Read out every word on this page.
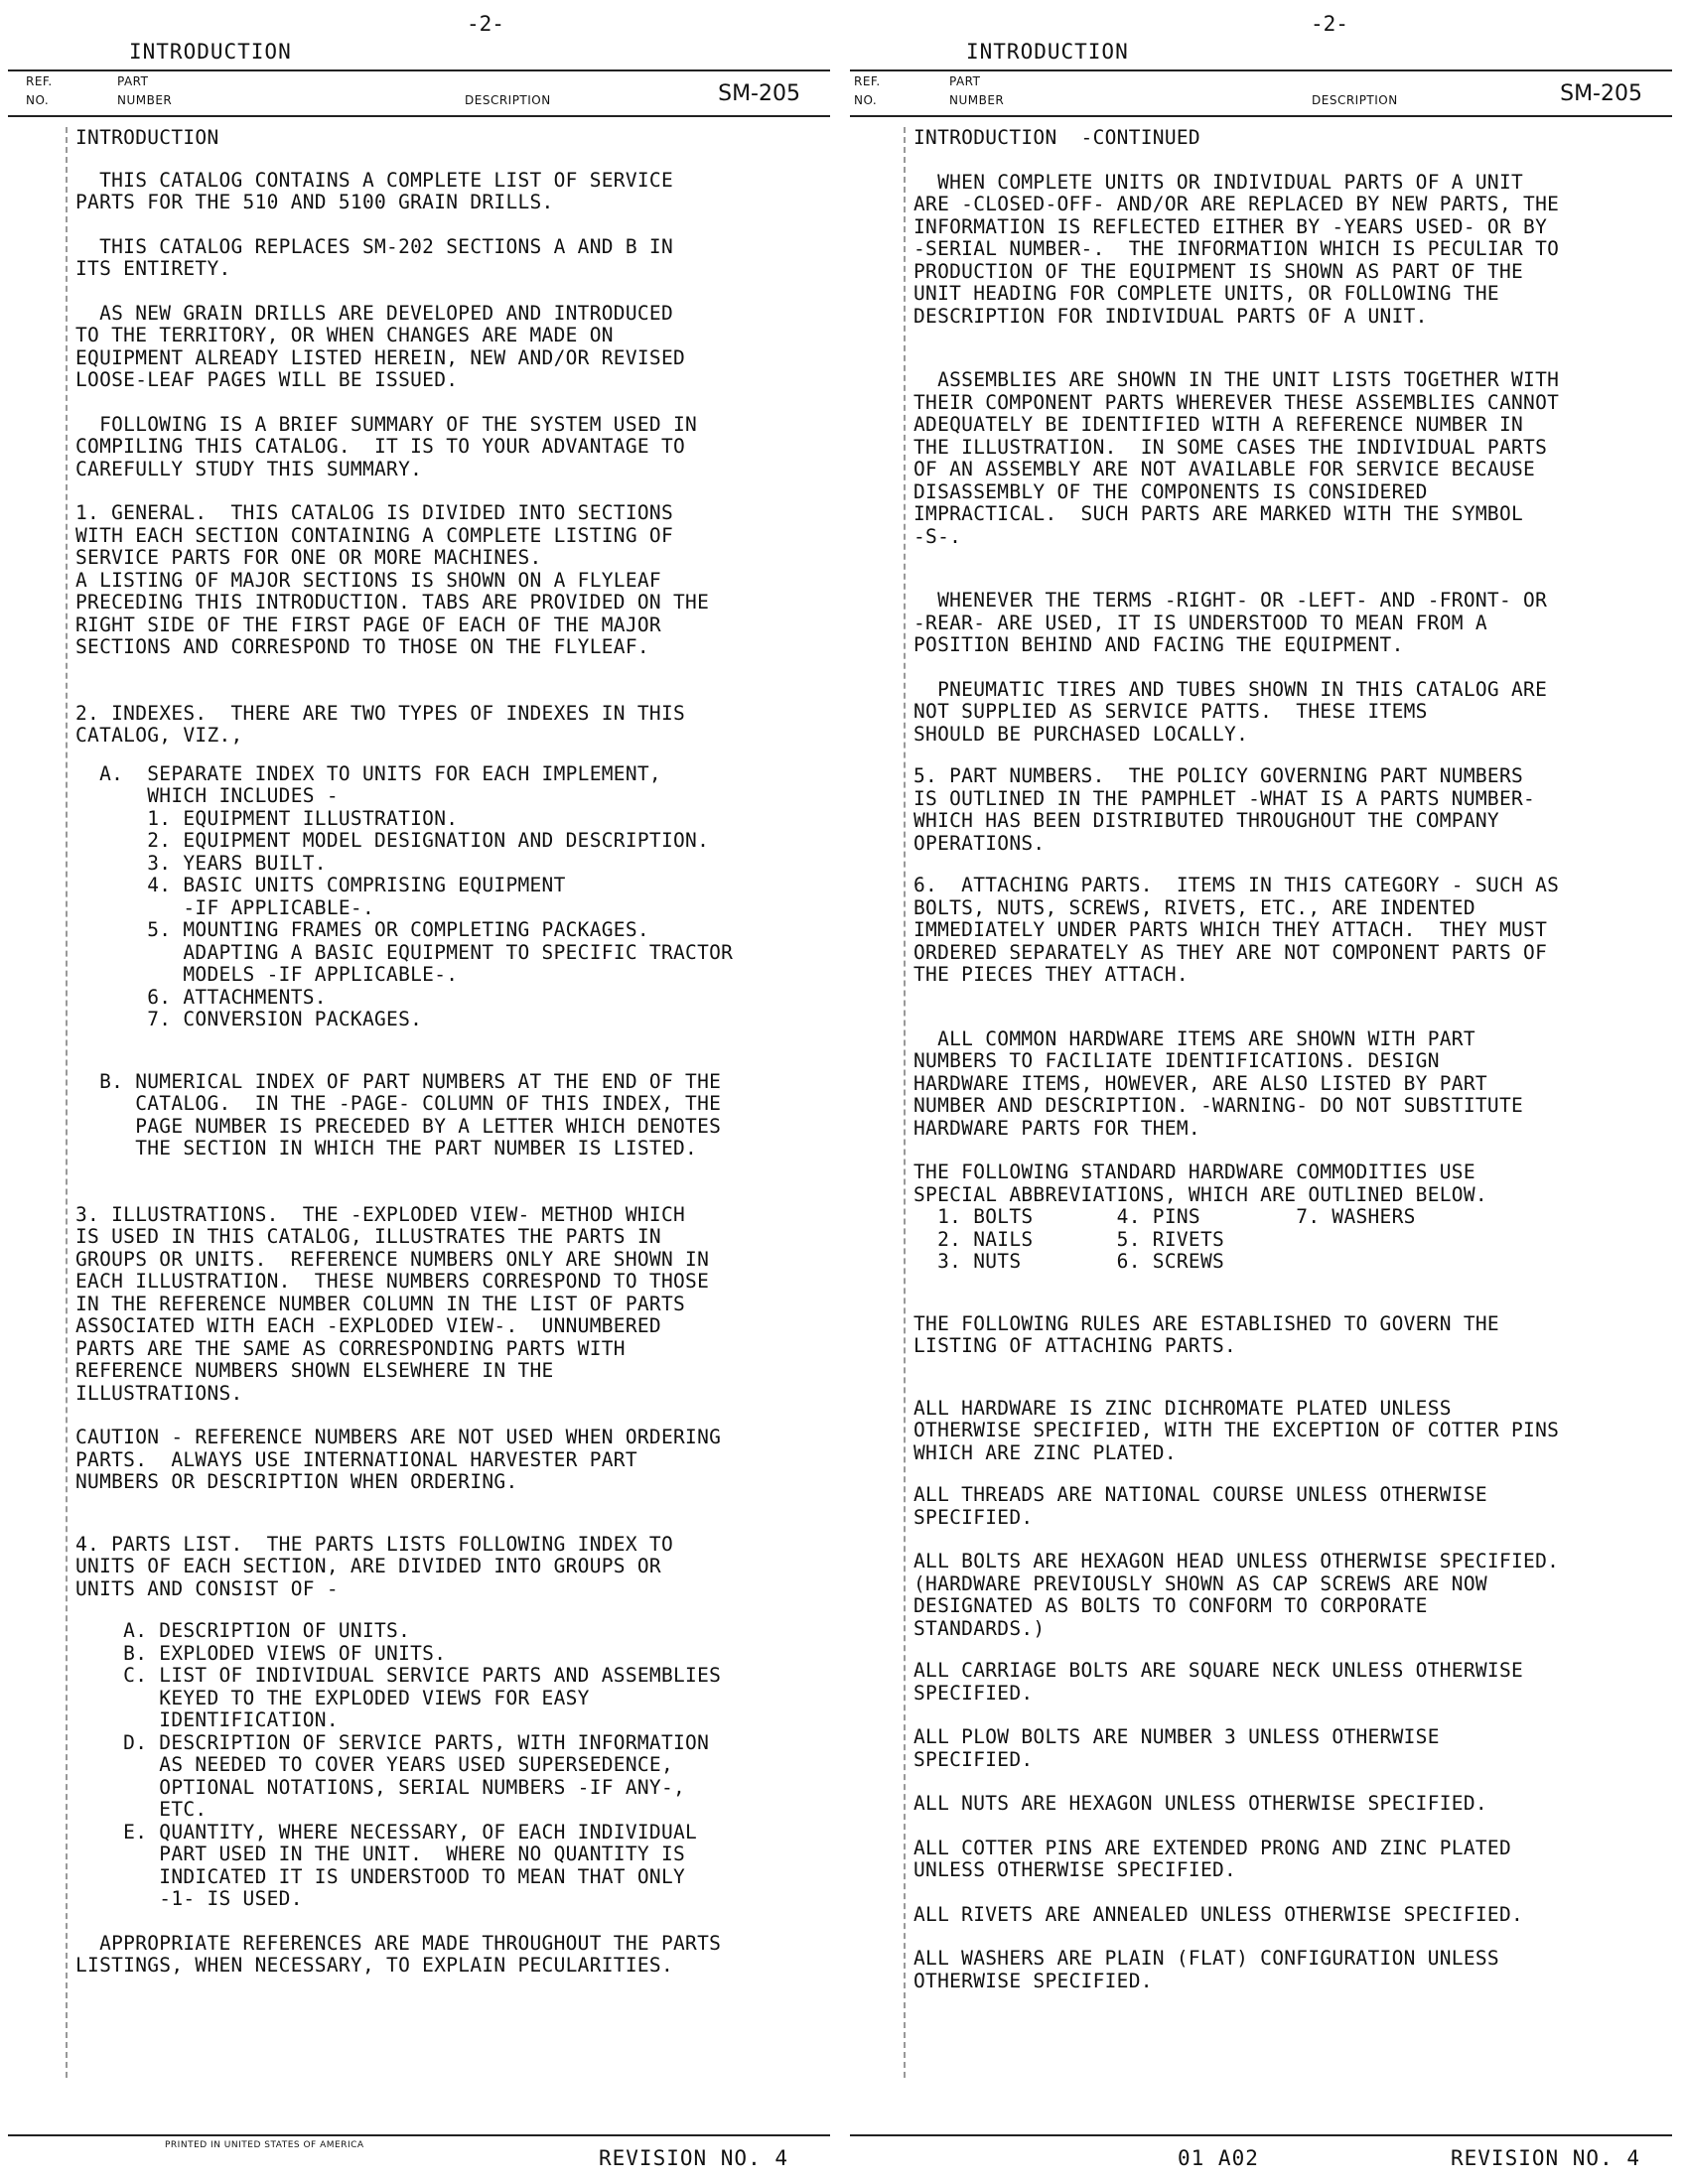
-2-
INTRODUCTION
REF.
NO.
PART
NUMBER	DESCRIPTION	SM-205

INTRODUCTION

THIS CATALOG CONTAINS A COMPLETE LIST OF SERVICE
PARTS FOR THE 510 AND 5100 GRAIN DRILLS.

THIS CATALOG REPLACES SM-202 SECTIONS A AND B IN
ITS ENTIRETY.

AS NEW GRAIN DRILLS ARE DEVELOPED AND INTRODUCED
TO THE TERRITORY, OR WHEN CHANGES ARE MADE ON
EQUIPMENT ALREADY LISTED HEREIN, NEW AND/OR REVISED
LOOSE-LEAF PAGES WILL BE ISSUED.

FOLLOWING IS A BRIEF SUMMARY OF THE SYSTEM USED IN
COMPILING THIS CATALOG.  IT IS TO YOUR ADVANTAGE TO
CAREFULLY STUDY THIS SUMMARY.

1. GENERAL.  THIS CATALOG IS DIVIDED INTO SECTIONS
WITH EACH SECTION CONTAINING A COMPLETE LISTING OF
SERVICE PARTS FOR ONE OR MORE MACHINES.
A LISTING OF MAJOR SECTIONS IS SHOWN ON A FLYLEAF
PRECEDING THIS INTRODUCTION. TABS ARE PROVIDED ON THE
RIGHT SIDE OF THE FIRST PAGE OF EACH OF THE MAJOR
SECTIONS AND CORRESPOND TO THOSE ON THE FLYLEAF.

2. INDEXES.  THERE ARE TWO TYPES OF INDEXES IN THIS
CATALOG, VIZ.,

A.  SEPARATE INDEX TO UNITS FOR EACH IMPLEMENT,
WHICH INCLUDES -
1. EQUIPMENT ILLUSTRATION.
2. EQUIPMENT MODEL DESIGNATION AND DESCRIPTION.
3. YEARS BUILT.
4. BASIC UNITS COMPRISING EQUIPMENT
-IF APPLICABLE-.
5. MOUNTING FRAMES OR COMPLETING PACKAGES.
ADAPTING A BASIC EQUIPMENT TO SPECIFIC TRACTOR
MODELS -IF APPLICABLE-.
6. ATTACHMENTS.
7. CONVERSION PACKAGES.

B. NUMERICAL INDEX OF PART NUMBERS AT THE END OF THE
CATALOG.  IN THE -PAGE- COLUMN OF THIS INDEX, THE
PAGE NUMBER IS PRECEDED BY A LETTER WHICH DENOTES
THE SECTION IN WHICH THE PART NUMBER IS LISTED.

3. ILLUSTRATIONS.  THE -EXPLODED VIEW- METHOD WHICH
IS USED IN THIS CATALOG, ILLUSTRATES THE PARTS IN
GROUPS OR UNITS.  REFERENCE NUMBERS ONLY ARE SHOWN IN
EACH ILLUSTRATION.  THESE NUMBERS CORRESPOND TO THOSE
IN THE REFERENCE NUMBER COLUMN IN THE LIST OF PARTS
ASSOCIATED WITH EACH -EXPLODED VIEW-.  UNNUMBERED
PARTS ARE THE SAME AS CORRESPONDING PARTS WITH
REFERENCE NUMBERS SHOWN ELSEWHERE IN THE
ILLUSTRATIONS.

CAUTION - REFERENCE NUMBERS ARE NOT USED WHEN ORDERING
PARTS.  ALWAYS USE INTERNATIONAL HARVESTER PART
NUMBERS OR DESCRIPTION WHEN ORDERING.

4. PARTS LIST.  THE PARTS LISTS FOLLOWING INDEX TO
UNITS OF EACH SECTION, ARE DIVIDED INTO GROUPS OR
UNITS AND CONSIST OF -

A. DESCRIPTION OF UNITS.
B. EXPLODED VIEWS OF UNITS.
C. LIST OF INDIVIDUAL SERVICE PARTS AND ASSEMBLIES
KEYED TO THE EXPLODED VIEWS FOR EASY
IDENTIFICATION.
D. DESCRIPTION OF SERVICE PARTS, WITH INFORMATION
AS NEEDED TO COVER YEARS USED SUPERSEDENCE,
OPTIONAL NOTATIONS, SERIAL NUMBERS -IF ANY-,
ETC.
E. QUANTITY, WHERE NECESSARY, OF EACH INDIVIDUAL
PART USED IN THE UNIT.  WHERE NO QUANTITY IS
INDICATED IT IS UNDERSTOOD TO MEAN THAT ONLY
-1- IS USED.

APPROPRIATE REFERENCES ARE MADE THROUGHOUT THE PARTS
LISTINGS, WHEN NECESSARY, TO EXPLAIN PECULARITIES.

PRINTED IN UNITED STATES OF AMERICA
REVISION NO. 4
-2-
INTRODUCTION
REF.
NO.
PART
NUMBER	DESCRIPTION	SM-205

INTRODUCTION  -CONTINUED

WHEN COMPLETE UNITS OR INDIVIDUAL PARTS OF A UNIT
ARE -CLOSED-OFF- AND/OR ARE REPLACED BY NEW PARTS, THE
INFORMATION IS REFLECTED EITHER BY -YEARS USED- OR BY
-SERIAL NUMBER-.  THE INFORMATION WHICH IS PECULIAR TO
PRODUCTION OF THE EQUIPMENT IS SHOWN AS PART OF THE
UNIT HEADING FOR COMPLETE UNITS, OR FOLLOWING THE
DESCRIPTION FOR INDIVIDUAL PARTS OF A UNIT.

ASSEMBLIES ARE SHOWN IN THE UNIT LISTS TOGETHER WITH
THEIR COMPONENT PARTS WHEREVER THESE ASSEMBLIES CANNOT
ADEQUATELY BE IDENTIFIED WITH A REFERENCE NUMBER IN
THE ILLUSTRATION.  IN SOME CASES THE INDIVIDUAL PARTS
OF AN ASSEMBLY ARE NOT AVAILABLE FOR SERVICE BECAUSE
DISASSEMBLY OF THE COMPONENTS IS CONSIDERED
IMPRACTICAL.  SUCH PARTS ARE MARKED WITH THE SYMBOL
-S-.

WHENEVER THE TERMS -RIGHT- OR -LEFT- AND -FRONT- OR
-REAR- ARE USED, IT IS UNDERSTOOD TO MEAN FROM A
POSITION BEHIND AND FACING THE EQUIPMENT.

PNEUMATIC TIRES AND TUBES SHOWN IN THIS CATALOG ARE
NOT SUPPLIED AS SERVICE PATTS.  THESE ITEMS
SHOULD BE PURCHASED LOCALLY.

5. PART NUMBERS.  THE POLICY GOVERNING PART NUMBERS
IS OUTLINED IN THE PAMPHLET -WHAT IS A PARTS NUMBER-
WHICH HAS BEEN DISTRIBUTED THROUGHOUT THE COMPANY
OPERATIONS.

6.  ATTACHING PARTS.  ITEMS IN THIS CATEGORY - SUCH AS
BOLTS, NUTS, SCREWS, RIVETS, ETC., ARE INDENTED
IMMEDIATELY UNDER PARTS WHICH THEY ATTACH.  THEY MUST
ORDERED SEPARATELY AS THEY ARE NOT COMPONENT PARTS OF
THE PIECES THEY ATTACH.

ALL COMMON HARDWARE ITEMS ARE SHOWN WITH PART
NUMBERS TO FACILIATE IDENTIFICATIONS. DESIGN
HARDWARE ITEMS, HOWEVER, ARE ALSO LISTED BY PART
NUMBER AND DESCRIPTION. -WARNING- DO NOT SUBSTITUTE
HARDWARE PARTS FOR THEM.

THE FOLLOWING STANDARD HARDWARE COMMODITIES USE
SPECIAL ABBREVIATIONS, WHICH ARE OUTLINED BELOW.
1. BOLTS       4. PINS        7. WASHERS
2. NAILS       5. RIVETS
3. NUTS        6. SCREWS

THE FOLLOWING RULES ARE ESTABLISHED TO GOVERN THE
LISTING OF ATTACHING PARTS.

ALL HARDWARE IS ZINC DICHROMATE PLATED UNLESS
OTHERWISE SPECIFIED, WITH THE EXCEPTION OF COTTER PINS
WHICH ARE ZINC PLATED.

ALL THREADS ARE NATIONAL COURSE UNLESS OTHERWISE
SPECIFIED.

ALL BOLTS ARE HEXAGON HEAD UNLESS OTHERWISE SPECIFIED.
(HARDWARE PREVIOUSLY SHOWN AS CAP SCREWS ARE NOW
DESIGNATED AS BOLTS TO CONFORM TO CORPORATE
STANDARDS.)

ALL CARRIAGE BOLTS ARE SQUARE NECK UNLESS OTHERWISE
SPECIFIED.

ALL PLOW BOLTS ARE NUMBER 3 UNLESS OTHERWISE
SPECIFIED.

ALL NUTS ARE HEXAGON UNLESS OTHERWISE SPECIFIED.

ALL COTTER PINS ARE EXTENDED PRONG AND ZINC PLATED
UNLESS OTHERWISE SPECIFIED.

ALL RIVETS ARE ANNEALED UNLESS OTHERWISE SPECIFIED.

ALL WASHERS ARE PLAIN (FLAT) CONFIGURATION UNLESS
OTHERWISE SPECIFIED.

01 A02	REVISION NO. 4
